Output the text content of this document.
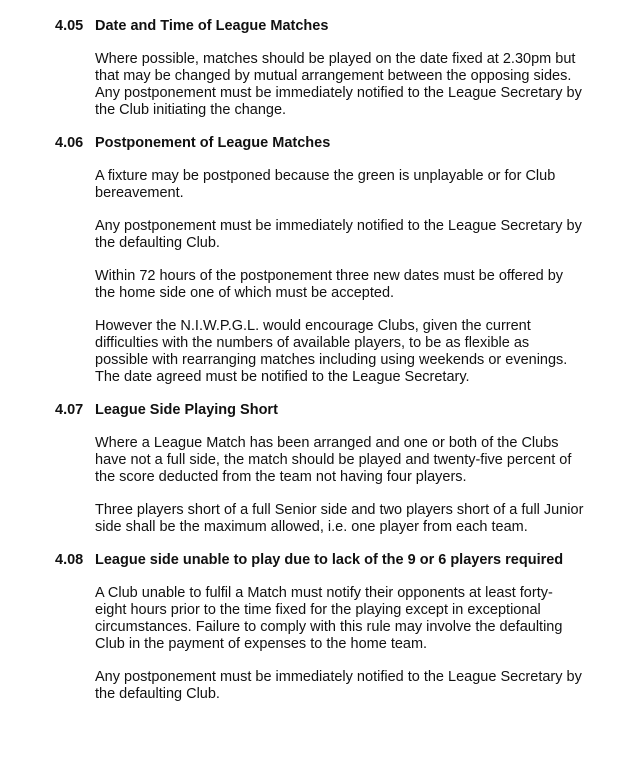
4.05 Date and Time of League Matches

Where possible, matches should be played on the date fixed at 2.30pm but that may be changed by mutual arrangement between the opposing sides.

Any postponement must be immediately notified to the League Secretary by the Club initiating the change.

4.06 Postponement of League Matches

A fixture may be postponed because the green is unplayable or for Club bereavement.

Any postponement must be immediately notified to the League Secretary by the defaulting Club.

Within 72 hours of the postponement three new dates must be offered by the home side one of which must be accepted.

However the N.I.W.P.G.L. would encourage Clubs, given the current difficulties with the numbers of available players, to be as flexible as possible with rearranging matches including using weekends or evenings. The date agreed must be notified to the League Secretary.

4.07 League Side Playing Short

Where a League Match has been arranged and one or both of the Clubs have not a full side, the match should be played and twenty-five percent of the score deducted from the team not having four players.

Three players short of a full Senior side and two players short of a full Junior side shall be the maximum allowed, i.e. one player from each team.

4.08 League side unable to play due to lack of the 9 or 6 players required

A Club unable to fulfil a Match must notify their opponents at least forty- eight hours prior to the time fixed for the playing except in exceptional circumstances. Failure to comply with this rule may involve the defaulting Club in the payment of expenses to the home team.

Any postponement must be immediately notified to the League Secretary by the defaulting Club.
